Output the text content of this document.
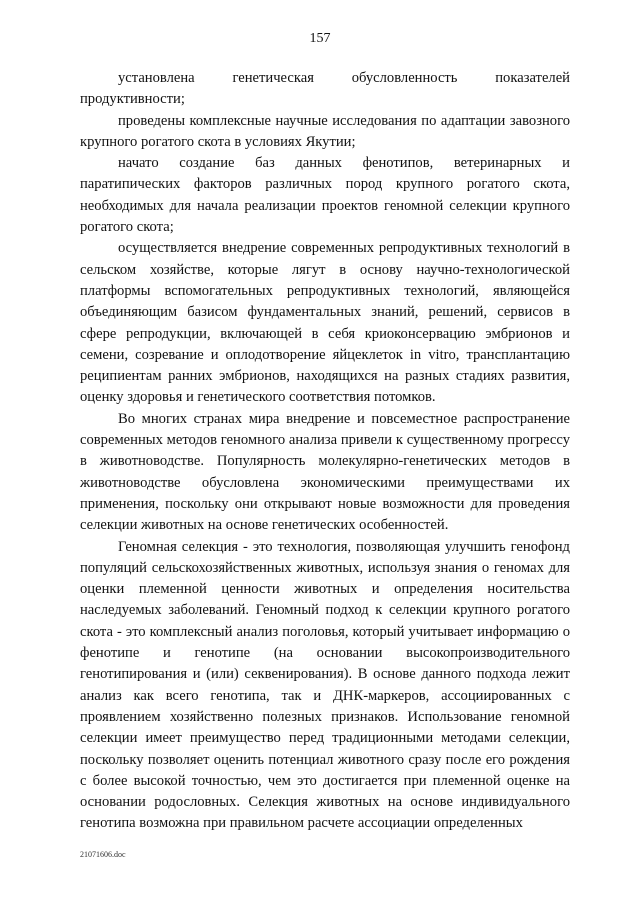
157

установлена генетическая обусловленность показателей продуктивности;

проведены комплексные научные исследования по адаптации завозного крупного рогатого скота в условиях Якутии;

начато создание баз данных фенотипов, ветеринарных и паратипических факторов различных пород крупного рогатого скота, необходимых для начала реализации проектов геномной селекции крупного рогатого скота;

осуществляется внедрение современных репродуктивных технологий в сельском хозяйстве, которые лягут в основу научно-технологической платформы вспомогательных репродуктивных технологий, являющейся объединяющим базисом фундаментальных знаний, решений, сервисов в сфере репродукции, включающей в себя криоконсервацию эмбрионов и семени, созревание и оплодотворение яйцеклеток in vitro, трансплантацию реципиентам ранних эмбрионов, находящихся на разных стадиях развития, оценку здоровья и генетического соответствия потомков.

Во многих странах мира внедрение и повсеместное распространение современных методов геномного анализа привели к существенному прогрессу в животноводстве. Популярность молекулярно-генетических методов в животноводстве обусловлена экономическими преимуществами их применения, поскольку они открывают новые возможности для проведения селекции животных на основе генетических особенностей.

Геномная селекция - это технология, позволяющая улучшить генофонд популяций сельскохозяйственных животных, используя знания о геномах для оценки племенной ценности животных и определения носительства наследуемых заболеваний. Геномный подход к селекции крупного рогатого скота - это комплексный анализ поголовья, который учитывает информацию о фенотипе и генотипе (на основании высокопроизводительного генотипирования и (или) секвенирования). В основе данного подхода лежит анализ как всего генотипа, так и ДНК-маркеров, ассоциированных с проявлением хозяйственно полезных признаков. Использование геномной селекции имеет преимущество перед традиционными методами селекции, поскольку позволяет оценить потенциал животного сразу после его рождения с более высокой точностью, чем это достигается при племенной оценке на основании родословных. Селекция животных на основе индивидуального генотипа возможна при правильном расчете ассоциации определенных

21071606.doc
